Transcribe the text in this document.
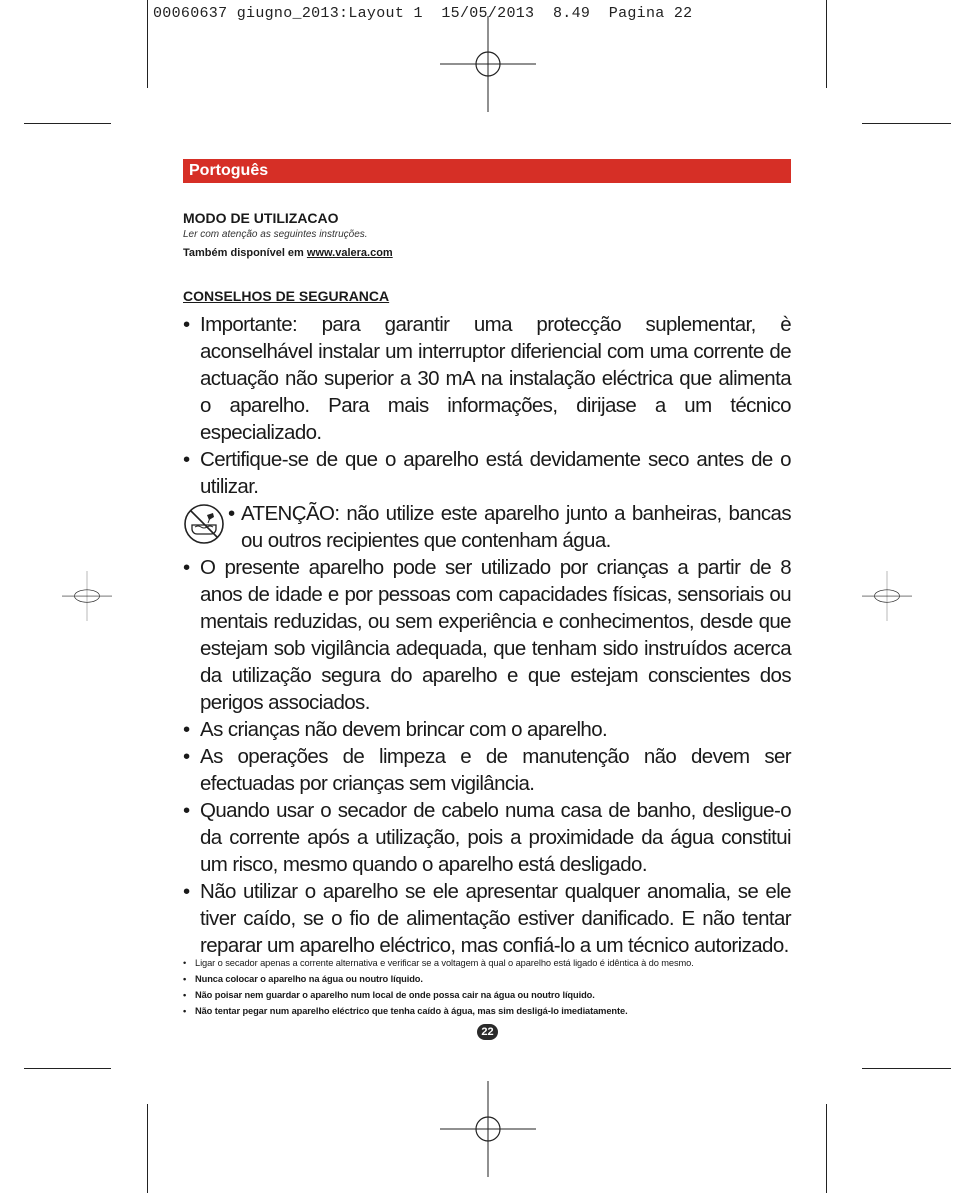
00060637 giugno_2013:Layout 1  15/05/2013  8.49  Pagina 22
Portoguês
MODO DE UTILIZACAO
Ler com atenção as seguintes instruções.
Também disponível em www.valera.com
CONSELHOS DE SEGURANCA
• Importante: para garantir uma protecção suplementar, è aconselhável instalar um interruptor diferiencial com uma corrente de actuação não superior a 30 mA na instalação eléctrica que alimenta o aparelho. Para mais informações, dirijase a um técnico especializado.
• Certifique-se de que o aparelho está devidamente seco antes de o utilizar.
• ATENÇÃO: não utilize este aparelho junto a banheiras, bancas ou outros recipientes que contenham água.
• O presente aparelho pode ser utilizado por crianças a partir de 8 anos de idade e por pessoas com capacidades físicas, sensoriais ou mentais reduzidas, ou sem experiência e conhecimentos, desde que estejam sob vigilância adequada, que tenham sido instruídos acerca da utilização segura do aparelho e que estejam conscientes dos perigos associados.
• As crianças não devem brincar com o aparelho.
• As operações de limpeza e de manutenção não devem ser efectuadas por crianças sem vigilância.
• Quando usar o secador de cabelo numa casa de banho, desligue-o da corrente após a utilização, pois a proximidade da água constitui um risco, mesmo quando o aparelho está desligado.
• Não utilizar o aparelho se ele apresentar qualquer anomalia, se ele tiver caído, se o fio de alimentação estiver danificado. E não tentar reparar um aparelho eléctrico, mas confiá-lo a um técnico autorizado.
• Ligar o secador apenas a corrente alternativa e verificar se a voltagem à qual o aparelho está ligado é idêntica à do mesmo.
• Nunca colocar o aparelho na água ou noutro líquido.
• Não poisar nem guardar o aparelho num local de onde possa cair na água ou noutro líquido.
• Não tentar pegar num aparelho eléctrico que tenha caído à água, mas sim desligá-lo imediatamente.
22
